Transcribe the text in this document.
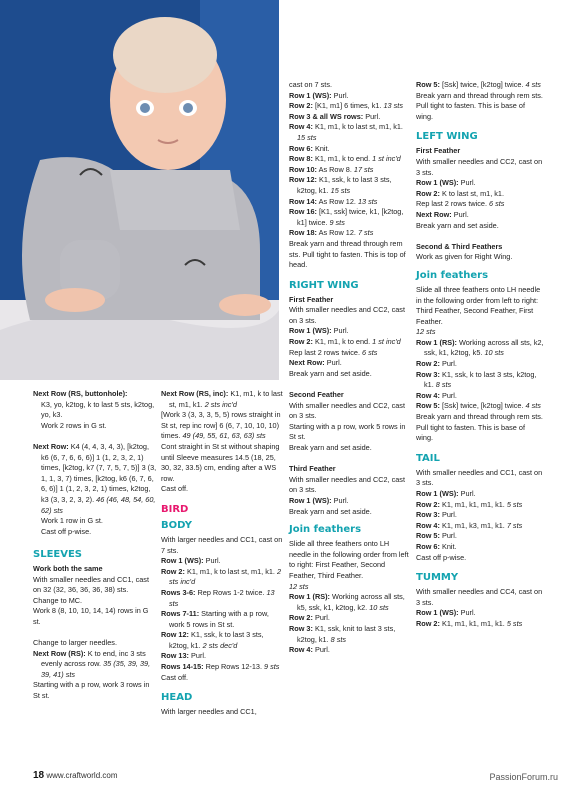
Next Row (RS, buttonhole):
K3, yo, k2tog, k to last 5 sts, k2tog, yo, k3.
Work 2 rows in G st.

Next Row: K4 (4, 4, 3, 4, 3), [k2tog, k6 (6, 7, 6, 6, 6)] 1 (1, 2, 3, 2, 1) times, [k2tog, k7 (7, 7, 5, 7, 5)] 3 (3, 1, 1, 3, 7) times, [k2tog, k6 (6, 7, 6, 6, 6)] 1 (1, 2, 3, 2, 1) times, k2tog, k3 (3, 3, 2, 3, 2). 46 (46, 48, 54, 60, 62) sts
Work 1 row in G st.
Cast off p-wise.

SLEEVES
Work both the same
With smaller needles and CC1, cast on 32 (32, 36, 36, 36, 38) sts.
Change to MC.

Work 8 (8, 10, 10, 14, 14) rows in G st.

Change to larger needles.
Next Row (RS): K to end, inc 3 sts evenly across row. 35 (35, 39, 39, 39, 41) sts
Starting with a p row, work 3 rows in St st.
Next Row (RS, inc): K1, m1, k to last st, m1, k1. 2 sts inc'd
[Work 3 (3, 3, 3, 5, 5) rows straight in St st, rep inc row] 6 (6, 7, 10, 10, 10) times. 49 (49, 55, 61, 63, 63) sts
Cont straight in St st without shaping until Sleeve measures 14.5 (18, 25, 30, 32, 33.5) cm, ending after a WS row.
Cast off.
BIRD
BODY
With larger needles and CC1, cast on 7 sts.
Row 1 (WS): Purl.
Row 2: K1, m1, k to last st, m1, k1. 2 sts inc'd
Rows 3-6: Rep Rows 1-2 twice. 13 sts
Rows 7-11: Starting with a p row, work 5 rows in St st.
Row 12: K1, ssk, k to last 3 sts, k2tog, k1. 2 sts dec'd
Row 13: Purl.
Rows 14-15: Rep Rows 12-13. 9 sts
Cast off.
HEAD
With larger needles and CC1,
cast on 7 sts.
Row 1 (WS): Purl.
Row 2: [K1, m1] 6 times, k1. 13 sts
Row 3 & all WS rows: Purl.
Row 4: K1, m1, k to last st, m1, k1. 15 sts
Row 6: Knit.
Row 8: K1, m1, k to end. 1 st inc'd
Row 10: As Row 8. 17 sts
Row 12: K1, ssk, k to last 3 sts, k2tog, k1. 15 sts
Row 14: As Row 12. 13 sts
Row 16: [K1, ssk] twice, k1, [k2tog, k1] twice. 9 sts
Row 18: As Row 12. 7 sts
Break yarn and thread through rem sts. Pull tight to fasten. This is top of head.
RIGHT WING
First Feather
With smaller needles and CC2, cast on 3 sts.
Row 1 (WS): Purl.
Row 2: K1, m1, k to end. 1 st inc'd
Rep last 2 rows twice. 6 sts
Next Row: Purl.

Break yarn and set aside.

Second Feather
With smaller needles and CC2, cast on 3 sts.
Starting with a p row, work 5 rows in St st.

Break yarn and set aside.

Third Feather
With smaller needles and CC2, cast on 3 sts.
Row 1 (WS): Purl.
Break yarn and set aside.
Join feathers
Slide all three feathers onto LH needle in the following order from left to right: First Feather, Second Feather, Third Feather.
12 sts
Row 1 (RS): Working across all sts, k5, ssk, k1, k2tog, k2. 10 sts
Row 2: Purl.
Row 3: K1, ssk, knit to last 3 sts, k2tog, k1. 8 sts
Row 4: Purl.
Row 5: [Ssk] twice, [k2tog] twice. 4 sts
Break yarn and thread through rem sts. Pull tight to fasten. This is base of wing.
LEFT WING
First Feather
With smaller needles and CC2, cast on 3 sts.
Row 1 (WS): Purl.
Row 2: K to last st, m1, k1.
Rep last 2 rows twice. 6 sts
Next Row: Purl.

Break yarn and set aside.

Second & Third Feathers
Work as given for Right Wing.
Join feathers
Slide all three feathers onto LH needle in the following order from left to right: Third Feather, Second Feather, First Feather.
12 sts
Row 1 (RS): Working across all sts, k2, ssk, k1, k2tog, k5. 10 sts
Row 2: Purl.
Row 3: K1, ssk, k to last 3 sts, k2tog, k1. 8 sts
Row 4: Purl.
Row 5: [Ssk] twice, [k2tog] twice. 4 sts
Break yarn and thread through rem sts. Pull tight to fasten. This is base of wing.
TAIL
With smaller needles and CC1, cast on 3 sts.
Row 1 (WS): Purl.
Row 2: K1, m1, k1, m1, k1. 5 sts
Row 3: Purl.
Row 4: K1, m1, k3, m1, k1. 7 sts
Row 5: Purl.
Row 6: Knit.
Cast off p-wise.
TUMMY
With smaller needles and CC4, cast on 3 sts.
Row 1 (WS): Purl.
Row 2: K1, m1, k1, m1, k1. 5 sts
18 www.craftworld.com	PassionForum.ru
